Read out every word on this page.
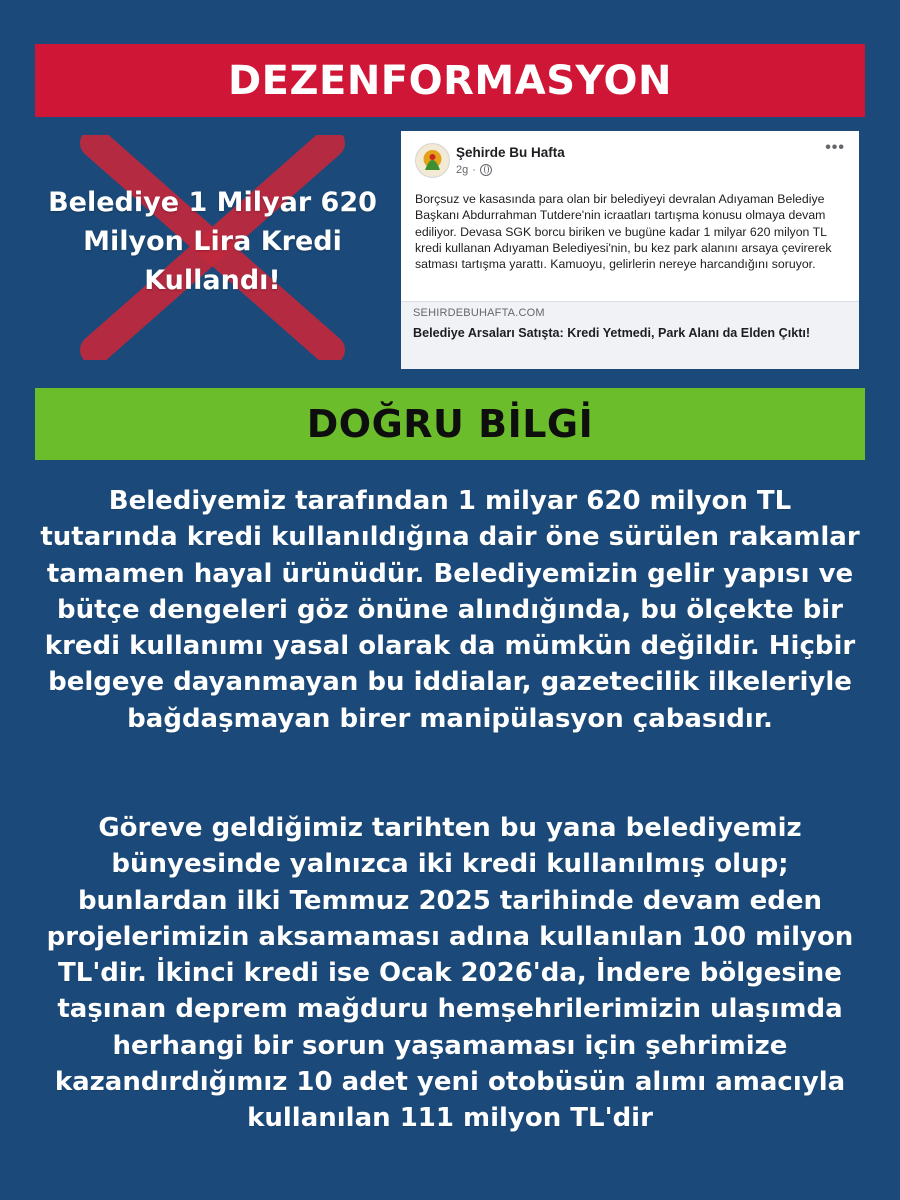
DEZENFORMASYON
Belediye 1 Milyar 620 Milyon Lira Kredi Kullandı!
Şehirde Bu Hafta
2g ·
•••
Borçsuz ve kasasında para olan bir belediyeyi devralan Adıyaman Belediye Başkanı Abdurrahman Tutdere'nin icraatları tartışma konusu olmaya devam ediliyor. Devasa SGK borcu biriken ve bugüne kadar 1 milyar 620 milyon TL kredi kullanan Adıyaman Belediyesi'nin, bu kez park alanını arsaya çevirerek satması tartışma yarattı. Kamuoyu, gelirlerin nereye harcandığını soruyor.
SEHIRDEBUHAFTA.COM
Belediye Arsaları Satışta: Kredi Yetmedi, Park Alanı da Elden Çıktı!
DOĞRU BİLGİ
Belediyemiz tarafından 1 milyar 620 milyon TL tutarında kredi kullanıldığına dair öne sürülen rakamlar tamamen hayal ürünüdür. Belediyemizin gelir yapısı ve bütçe dengeleri göz önüne alındığında, bu ölçekte bir kredi kullanımı yasal olarak da mümkün değildir. Hiçbir belgeye dayanmayan bu iddialar, gazetecilik ilkeleriyle bağdaşmayan birer manipülasyon çabasıdır.
Göreve geldiğimiz tarihten bu yana belediyemiz bünyesinde yalnızca iki kredi kullanılmış olup; bunlardan ilki Temmuz 2025 tarihinde devam eden projelerimizin aksamaması adına kullanılan 100 milyon TL'dir. İkinci kredi ise Ocak 2026'da, İndere bölgesine taşınan deprem mağduru hemşehrilerimizin ulaşımda herhangi bir sorun yaşamaması için şehrimize kazandırdığımız 10 adet yeni otobüsün alımı amacıyla kullanılan 111 milyon TL'dir
